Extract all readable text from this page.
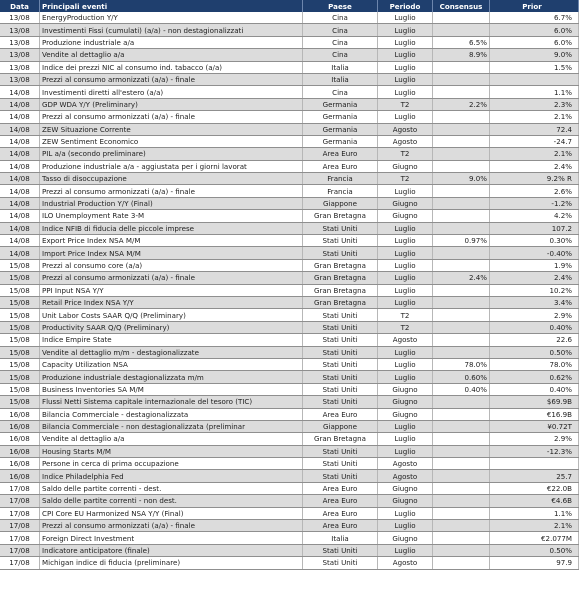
Data	Principali eventi	Paese	Periodo	Consensus	Prior
13/08	EnergyProduction Y/Y	Cina	Luglio		6.7%
13/08	Investimenti Fissi (cumulati) (a/a) - non destagionalizzati	Cina	Luglio		6.0%
13/08	Produzione industriale a/a	Cina	Luglio	6.5%	6.0%
13/08	Vendite al dettaglio a/a	Cina	Luglio	8.9%	9.0%
13/08	Indice dei prezzi NIC al consumo ind. tabacco (a/a)	Italia	Luglio		1.5%
13/08	Prezzi al consumo armonizzati (a/a) - finale	Italia	Luglio		
14/08	Investimenti diretti all'estero (a/a)	Cina	Luglio		1.1%
14/08	GDP WDA Y/Y (Preliminary)	Germania	T2	2.2%	2.3%
14/08	Prezzi al consumo armonizzati (a/a) - finale	Germania	Luglio		2.1%
14/08	ZEW Situazione Corrente	Germania	Agosto		72.4
14/08	ZEW Sentiment Economico	Germania	Agosto		-24.7
14/08	PIL a/a (secondo preliminare)	Area Euro	T2		2.1%
14/08	Produzione industriale a/a - aggiustata per i giorni lavorat	Area Euro	Giugno		2.4%
14/08	Tasso di disoccupazione	Francia	T2	9.0%	9.2% R
14/08	Prezzi al consumo armonizzati (a/a) - finale	Francia	Luglio		2.6%
14/08	Industrial Production Y/Y (Final)	Giappone	Giugno		-1.2%
14/08	ILO Unemployment Rate 3-M	Gran Bretagna	Giugno		4.2%
14/08	Indice NFIB di fiducia delle piccole imprese	Stati Uniti	Luglio		107.2
14/08	Export Price Index NSA M/M	Stati Uniti	Luglio	0.97%	0.30%
14/08	Import Price Index NSA M/M	Stati Uniti	Luglio		-0.40%
15/08	Prezzi al consumo core (a/a)	Gran Bretagna	Luglio		1.9%
15/08	Prezzi al consumo armonizzati (a/a) - finale	Gran Bretagna	Luglio	2.4%	2.4%
15/08	PPI Input NSA Y/Y	Gran Bretagna	Luglio		10.2%
15/08	Retail Price Index NSA Y/Y	Gran Bretagna	Luglio		3.4%
15/08	Unit Labor Costs SAAR Q/Q (Preliminary)	Stati Uniti	T2		2.9%
15/08	Productivity SAAR Q/Q (Preliminary)	Stati Uniti	T2		0.40%
15/08	Indice Empire State	Stati Uniti	Agosto		22.6
15/08	Vendite al dettaglio m/m - destagionalizzate	Stati Uniti	Luglio		0.50%
15/08	Capacity Utilization NSA	Stati Uniti	Luglio	78.0%	78.0%
15/08	Produzione industriale destagionalizzata m/m	Stati Uniti	Luglio	0.60%	0.62%
15/08	Business Inventories SA M/M	Stati Uniti	Giugno	0.40%	0.40%
15/08	Flussi Netti Sistema capitale internazionale del tesoro (TIC)	Stati Uniti	Giugno		$69.9B
16/08	Bilancia Commerciale - destagionalizzata	Area Euro	Giugno		€16.9B
16/08	Bilancia Commerciale - non destagionalizzata (preliminar	Giappone	Luglio		¥0.72T
16/08	Vendite al dettaglio a/a	Gran Bretagna	Luglio		2.9%
16/08	Housing Starts M/M	Stati Uniti	Luglio		-12.3%
16/08	Persone in cerca di prima occupazione	Stati Uniti	Agosto		
16/08	Indice Philadelphia Fed	Stati Uniti	Agosto		25.7
17/08	Saldo delle partite correnti - dest.	Area Euro	Giugno		€22.0B
17/08	Saldo delle partite correnti - non dest.	Area Euro	Giugno		€4.6B
17/08	CPI Core EU Harmonized NSA Y/Y (Final)	Area Euro	Luglio		1.1%
17/08	Prezzi al consumo armonizzati (a/a) - finale	Area Euro	Luglio		2.1%
17/08	Foreign Direct Investment	Italia	Giugno		€2.077M
17/08	Indicatore anticipatore (finale)	Stati Uniti	Luglio		0.50%
17/08	Michigan indice di fiducia (preliminare)	Stati Uniti	Agosto		97.9
